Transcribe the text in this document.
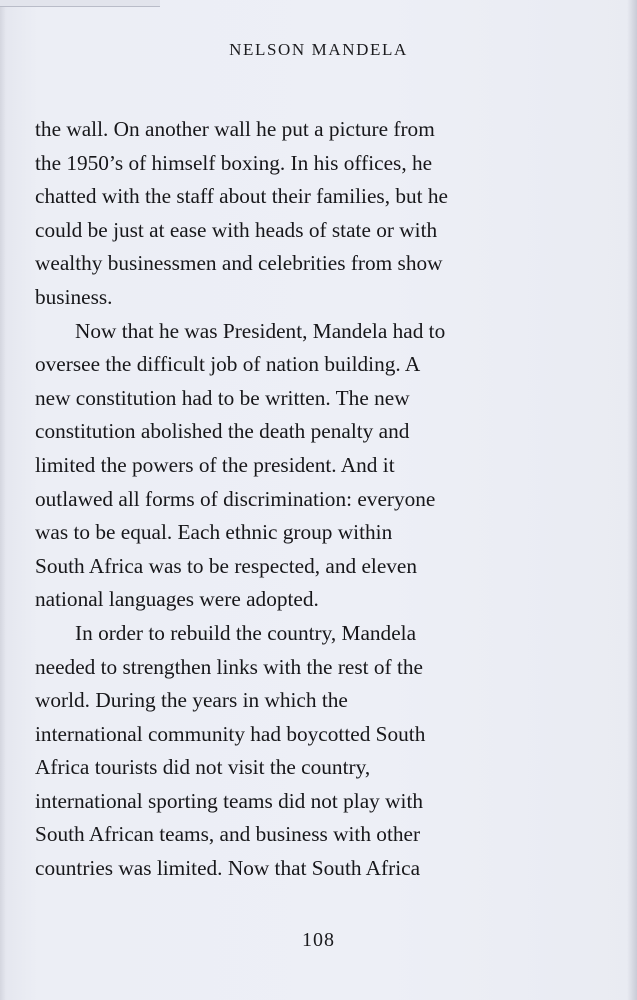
NELSON MANDELA
the wall. On another wall he put a picture from
the 1950’s of himself boxing. In his offices, he
chatted with the staff about their families, but he
could be just at ease with heads of state or with
wealthy businessmen and celebrities from show
business.
Now that he was President, Mandela had to
oversee the difficult job of nation building. A
new constitution had to be written. The new
constitution abolished the death penalty and
limited the powers of the president. And it
outlawed all forms of discrimination: everyone
was to be equal. Each ethnic group within
South Africa was to be respected, and eleven
national languages were adopted.
In order to rebuild the country, Mandela
needed to strengthen links with the rest of the
world. During the years in which the
international community had boycotted South
Africa tourists did not visit the country,
international sporting teams did not play with
South African teams, and business with other
countries was limited. Now that South Africa
108
